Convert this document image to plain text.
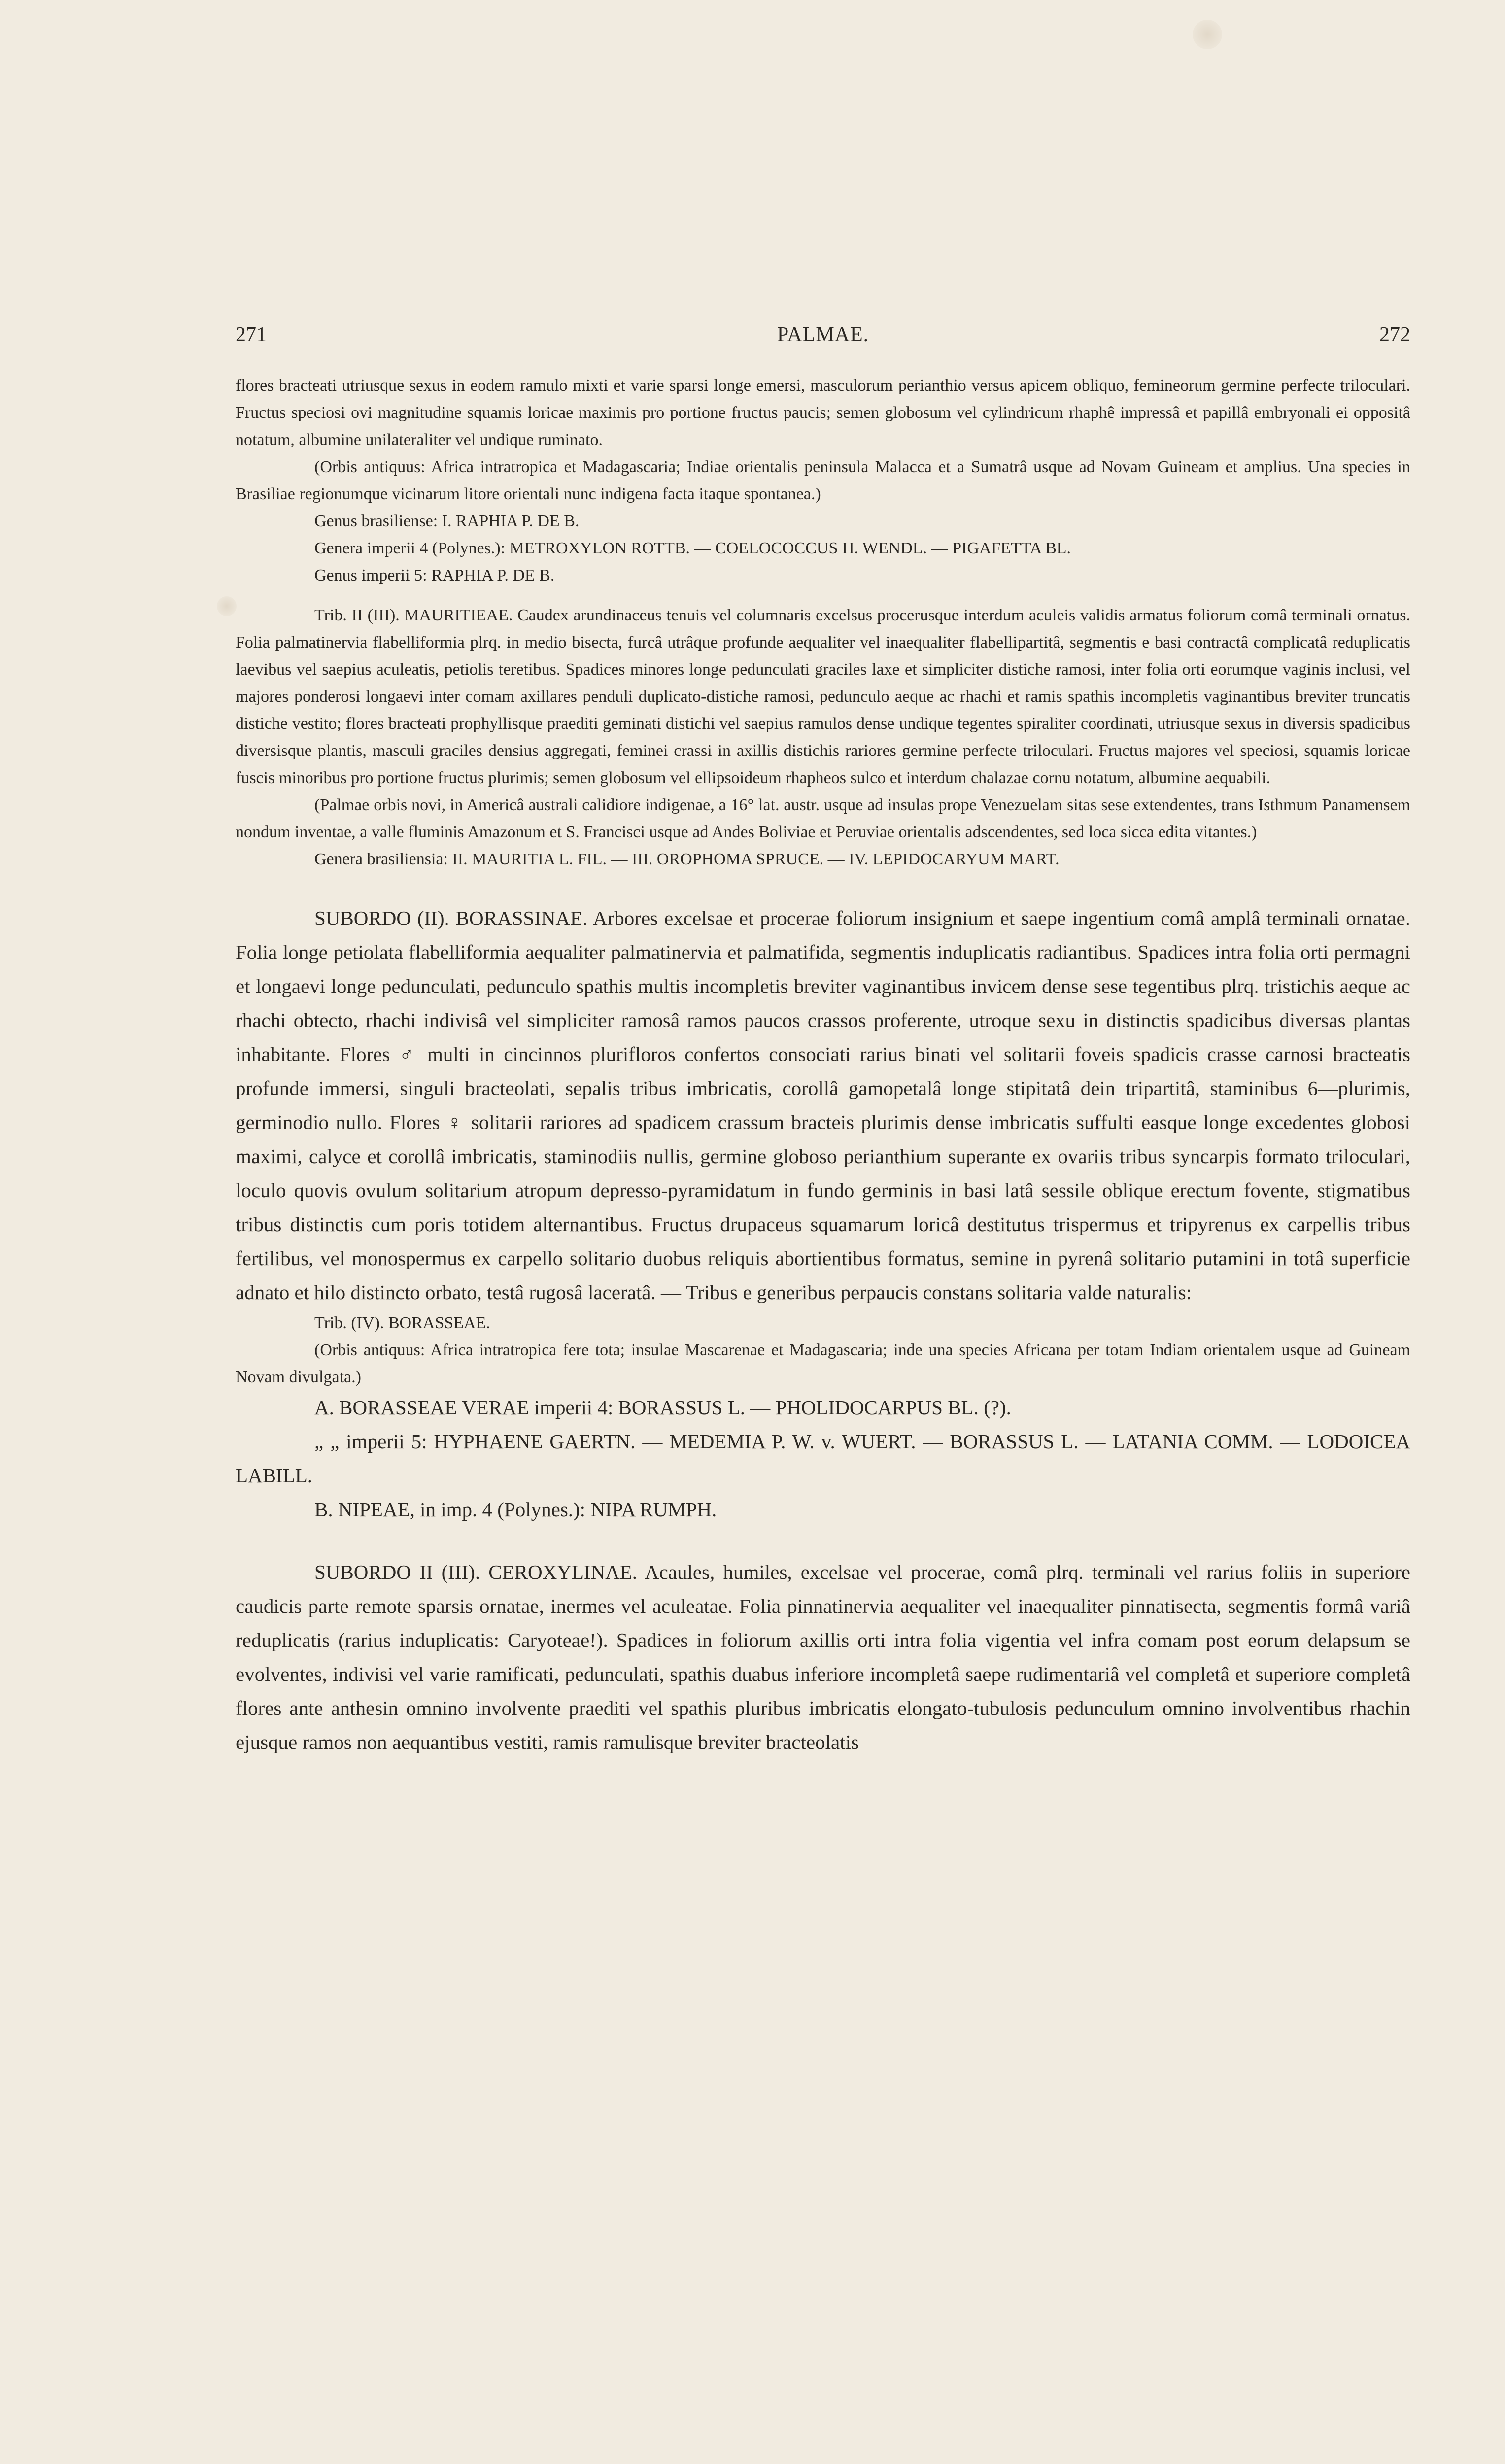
271	PALMAE.	272

flores bracteati utriusque sexus in eodem ramulo mixti et varie sparsi longe emersi, masculorum perianthio versus apicem obliquo, femineorum germine perfecte triloculari. Fructus speciosi ovi magnitudine squamis loricae maximis pro portione fructus paucis; semen globosum vel cylindricum rhaphê impressâ et papillâ embryonali ei oppositâ notatum, albumine unilateraliter vel undique ruminato.

(Orbis antiquus: Africa intratropica et Madagascaria; Indiae orientalis peninsula Malacca et a Sumatrâ usque ad Novam Guineam et amplius. Una species in Brasiliae regionumque vicinarum litore orientali nunc indigena facta itaque spontanea.)

Genus brasiliense: I. RAPHIA P. DE B.

Genera imperii 4 (Polynes.): METROXYLON ROTTB. — COELOCOCCUS H. WENDL. — PIGAFETTA BL.

Genus imperii 5: RAPHIA P. DE B.

Trib. II (III). MAURITIEAE. Caudex arundinaceus tenuis vel columnaris excelsus procerusque interdum aculeis validis armatus foliorum comâ terminali ornatus. Folia palmatinervia flabelliformia plrq. in medio bisecta, furcâ utrâque profunde aequaliter vel inaequaliter flabellipartitâ, segmentis e basi contractâ complicatâ reduplicatis laevibus vel saepius aculeatis, petiolis teretibus. Spadices minores longe pedunculati graciles laxe et simpliciter distiche ramosi, inter folia orti eorumque vaginis inclusi, vel majores ponderosi longaevi inter comam axillares penduli duplicato-distiche ramosi, pedunculo aeque ac rhachi et ramis spathis incompletis vaginantibus breviter truncatis distiche vestito; flores bracteati prophyllisque praediti geminati distichi vel saepius ramulos dense undique tegentes spiraliter coordinati, utriusque sexus in diversis spadicibus diversisque plantis, masculi graciles densius aggregati, feminei crassi in axillis distichis rariores germine perfecte triloculari. Fructus majores vel speciosi, squamis loricae fuscis minoribus pro portione fructus plurimis; semen globosum vel ellipsoideum rhapheos sulco et interdum chalazae cornu notatum, albumine aequabili.

(Palmae orbis novi, in Americâ australi calidiore indigenae, a 16° lat. austr. usque ad insulas prope Venezuelam sitas sese extendentes, trans Isthmum Panamensem nondum inventae, a valle fluminis Amazonum et S. Francisci usque ad Andes Boliviae et Peruviae orientalis adscendentes, sed loca sicca edita vitantes.)

Genera brasiliensia: II. MAURITIA L. FIL. — III. OROPHOMA SPRUCE. — IV. LEPIDOCARYUM MART.

SUBORDO (II). BORASSINAE. Arbores excelsae et procerae foliorum insignium et saepe ingentium comâ amplâ terminali ornatae. Folia longe petiolata flabelliformia aequaliter palmatinervia et palmatifida, segmentis induplicatis radiantibus. Spadices intra folia orti permagni et longaevi longe pedunculati, pedunculo spathis multis incompletis breviter vaginantibus invicem dense sese tegentibus plrq. tristichis aeque ac rhachi obtecto, rhachi indivisâ vel simpliciter ramosâ ramos paucos crassos proferente, utroque sexu in distinctis spadicibus diversas plantas inhabitante. Flores ♂ multi in cincinnos plurifloros confertos consociati rarius binati vel solitarii foveis spadicis crasse carnosi bracteatis profunde immersi, singuli bracteolati, sepalis tribus imbricatis, corollâ gamopetalâ longe stipitatâ dein tripartitâ, staminibus 6—plurimis, germinodio nullo. Flores ♀ solitarii rariores ad spadicem crassum bracteis plurimis dense imbricatis suffulti easque longe excedentes globosi maximi, calyce et corollâ imbricatis, staminodiis nullis, germine globoso perianthium superante ex ovariis tribus syncarpis formato triloculari, loculo quovis ovulum solitarium atropum depresso-pyramidatum in fundo germinis in basi latâ sessile oblique erectum fovente, stigmatibus tribus distinctis cum poris totidem alternantibus. Fructus drupaceus squamarum loricâ destitutus trispermus et tripyrenus ex carpellis tribus fertilibus, vel monospermus ex carpello solitario duobus reliquis abortientibus formatus, semine in pyrenâ solitario putamini in totâ superficie adnato et hilo distincto orbato, testâ rugosâ laceratâ. — Tribus e generibus perpaucis constans solitaria valde naturalis:

Trib. (IV). BORASSEAE.

(Orbis antiquus: Africa intratropica fere tota; insulae Mascarenae et Madagascaria; inde una species Africana per totam Indiam orientalem usque ad Guineam Novam divulgata.)

A. BORASSEAE VERAE imperii 4: BORASSUS L. — PHOLIDOCARPUS BL. (?).

„ „ imperii 5: HYPHAENE GAERTN. — MEDEMIA P. W. v. WUERT. — BORASSUS L. — LATANIA COMM. — LODOICEA LABILL.

B. NIPEAE, in imp. 4 (Polynes.): NIPA RUMPH.

SUBORDO II (III). CEROXYLINAE. Acaules, humiles, excelsae vel procerae, comâ plrq. terminali vel rarius foliis in superiore caudicis parte remote sparsis ornatae, inermes vel aculeatae. Folia pinnatinervia aequaliter vel inaequaliter pinnatisecta, segmentis formâ variâ reduplicatis (rarius induplicatis: Caryoteae!). Spadices in foliorum axillis orti intra folia vigentia vel infra comam post eorum delapsum se evolventes, indivisi vel varie ramificati, pedunculati, spathis duabus inferiore incompletâ saepe rudimentariâ vel completâ et superiore completâ flores ante anthesin omnino involvente praediti vel spathis pluribus imbricatis elongato-tubulosis pedunculum omnino involventibus rhachin ejusque ramos non aequantibus vestiti, ramis ramulisque breviter bracteolatis
